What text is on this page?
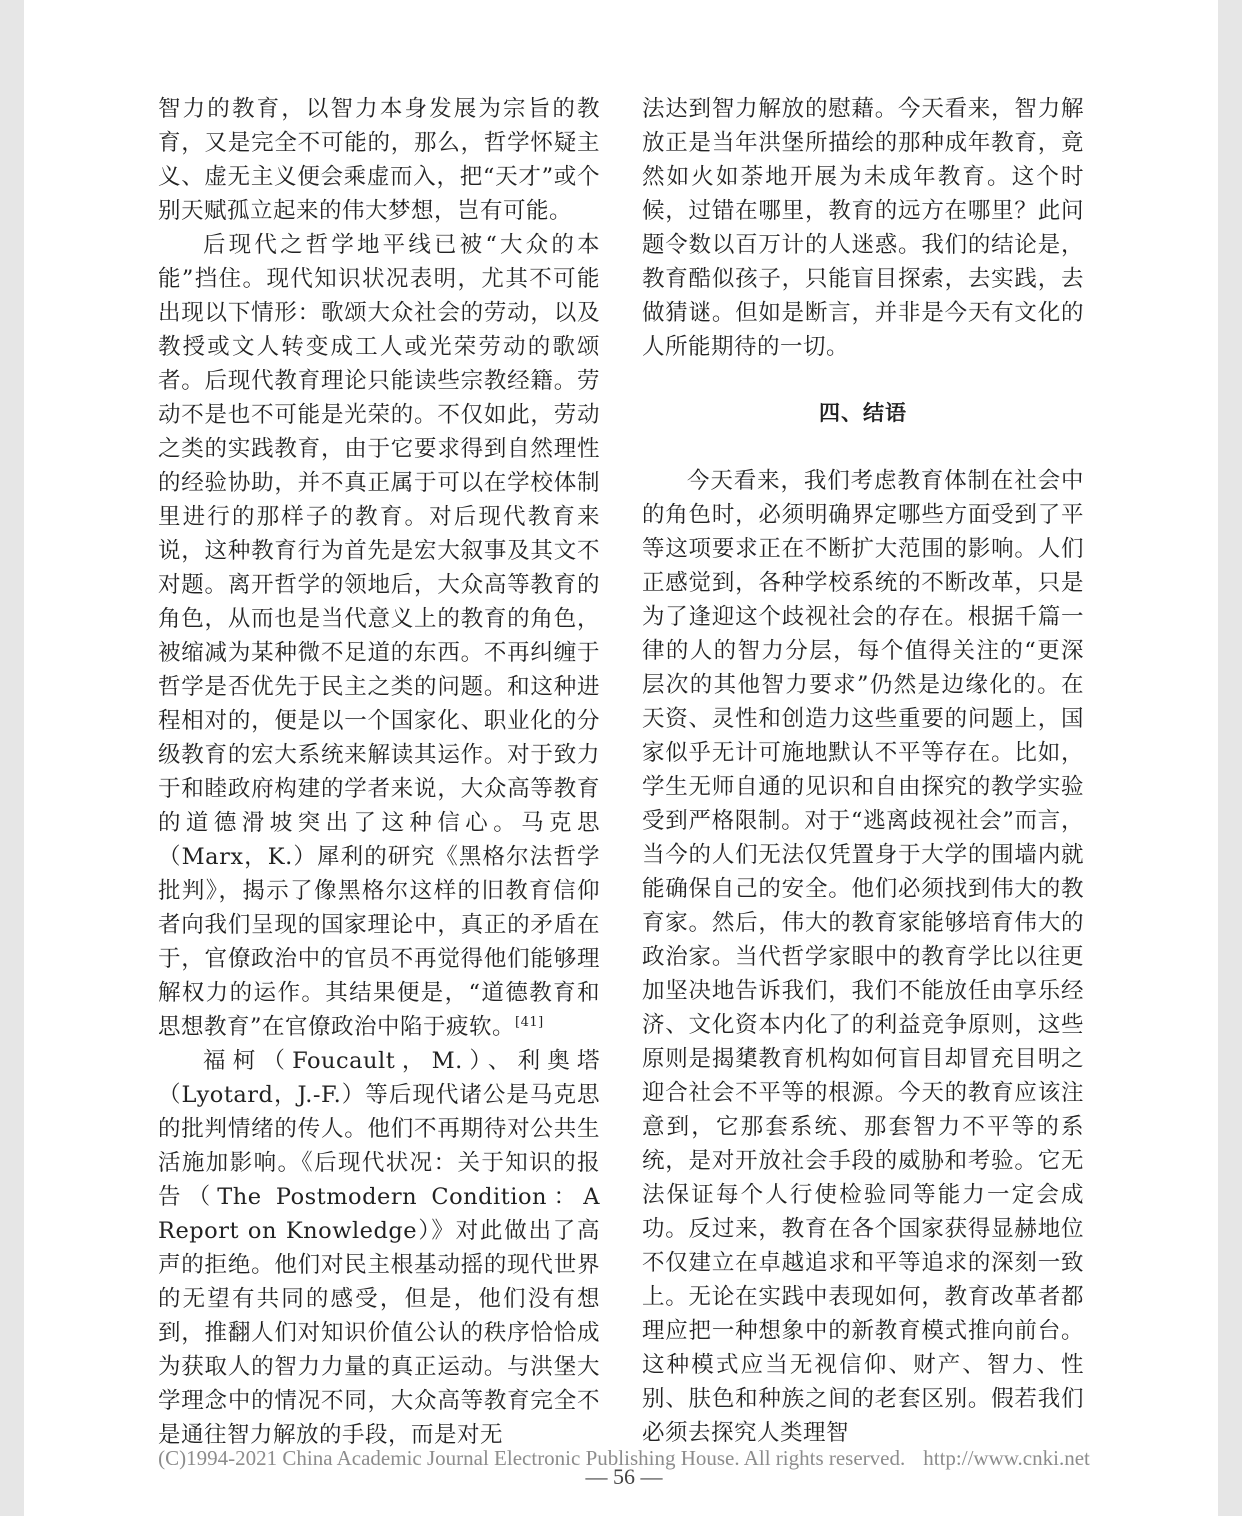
智力的教育，以智力本身发展为宗旨的教育，又是完全不可能的，那么，哲学怀疑主义、虚无主义便会乘虚而入，把“天才”或个别天赋孤立起来的伟大梦想，岂有可能。

后现代之哲学地平线已被“大众的本能”挡住。现代知识状况表明，尤其不可能出现以下情形：歌颂大众社会的劳动，以及教授或文人转变成工人或光荣劳动的歌颂者。后现代教育理论只能读些宗教经籍。劳动不是也不可能是光荣的。不仅如此，劳动之类的实践教育，由于它要求得到自然理性的经验协助，并不真正属于可以在学校体制里进行的那样子的教育。对后现代教育来说，这种教育行为首先是宏大叙事及其文不对题。离开哲学的领地后，大众高等教育的角色，从而也是当代意义上的教育的角色，被缩减为某种微不足道的东西。不再纠缠于哲学是否优先于民主之类的问题。和这种进程相对的，便是以一个国家化、职业化的分级教育的宏大系统来解读其运作。对于致力于和睦政府构建的学者来说，大众高等教育的道德滑坡突出了这种信心。马克思（Marx，K.）犀利的研究《黑格尔法哲学批判》，揭示了像黑格尔这样的旧教育信仰者向我们呈现的国家理论中，真正的矛盾在于，官僚政治中的官员不再觉得他们能够理解权力的运作。其结果便是，“道德教育和思想教育”在官僚政治中陷于疲软。[41]

福柯（Foucault，M.）、利奥塔（Lyotard，J.-F.）等后现代诸公是马克思的批判情绪的传人。他们不再期待对公共生活施加影响。《后现代状况：关于知识的报告（The Postmodern Condition：A Report on Knowledge）》对此做出了高声的拒绝。他们对民主根基动摇的现代世界的无望有共同的感受，但是，他们没有想到，推翻人们对知识价值公认的秩序恰恰成为获取人的智力力量的真正运动。与洪堡大学理念中的情况不同，大众高等教育完全不是通往智力解放的手段，而是对无

法达到智力解放的慰藉。今天看来，智力解放正是当年洪堡所描绘的那种成年教育，竟然如火如荼地开展为未成年教育。这个时候，过错在哪里，教育的远方在哪里？此问题令数以百万计的人迷惑。我们的结论是，教育酷似孩子，只能盲目探索，去实践，去做猜谜。但如是断言，并非是今天有文化的人所能期待的一切。

四、结语

今天看来，我们考虑教育体制在社会中的角色时，必须明确界定哪些方面受到了平等这项要求正在不断扩大范围的影响。人们正感觉到，各种学校系统的不断改革，只是为了逢迎这个歧视社会的存在。根据千篇一律的人的智力分层，每个值得关注的“更深层次的其他智力要求”仍然是边缘化的。在天资、灵性和创造力这些重要的问题上，国家似乎无计可施地默认不平等存在。比如，学生无师自通的见识和自由探究的教学实验受到严格限制。对于“逃离歧视社会”而言，当今的人们无法仅凭置身于大学的围墙内就能确保自己的安全。他们必须找到伟大的教育家。然后，伟大的教育家能够培育伟大的政治家。当代哲学家眼中的教育学比以往更加坚决地告诉我们，我们不能放任由享乐经济、文化资本内化了的利益竞争原则，这些原则是揭橥教育机构如何盲目却冒充目明之迎合社会不平等的根源。今天的教育应该注意到，它那套系统、那套智力不平等的系统，是对开放社会手段的威胁和考验。它无法保证每个人行使检验同等能力一定会成功。反过来，教育在各个国家获得显赫地位不仅建立在卓越追求和平等追求的深刻一致上。无论在实践中表现如何，教育改革者都理应把一种想象中的新教育模式推向前台。这种模式应当无视信仰、财产、智力、性别、肤色和种族之间的老套区别。假若我们必须去探究人类理智

(C)1994-2021 China Academic Journal Electronic Publishing House. All rights reserved. http://www.cnki.net
— 56 —
